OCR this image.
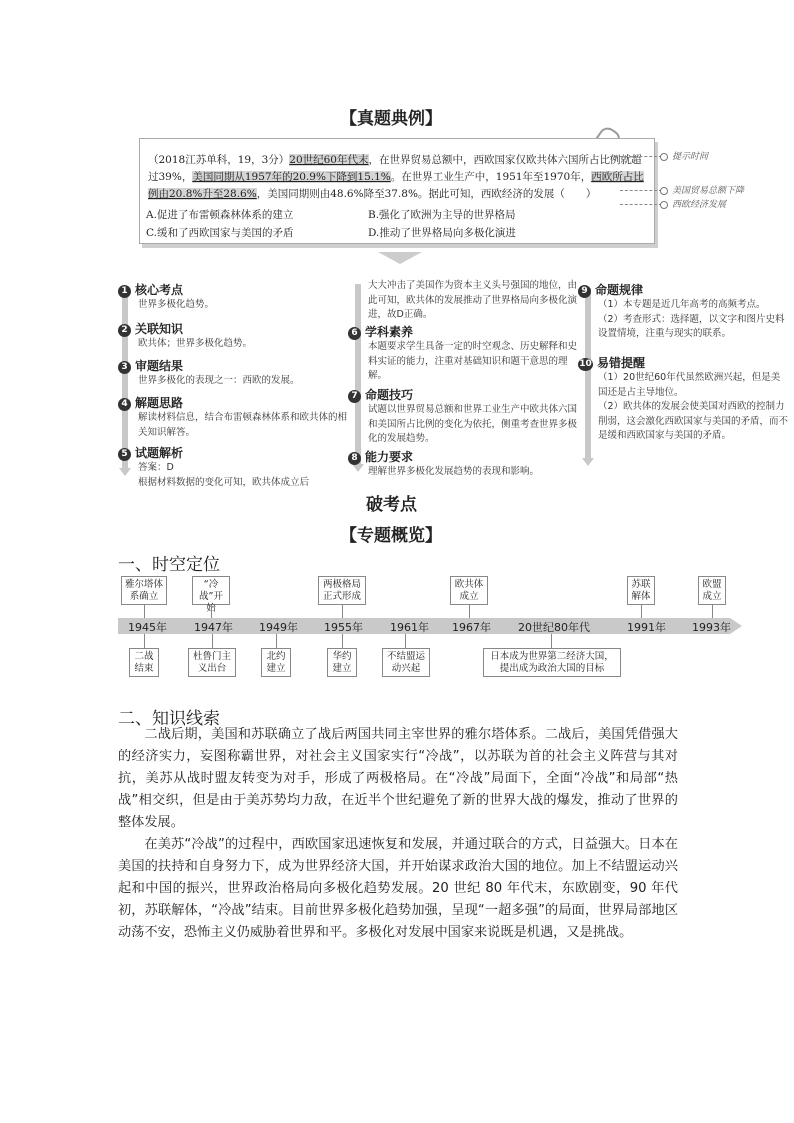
【真题典例】
（2018江苏单科，19，3分）20世纪60年代末，在世界贸易总额中，西欧国家仅欧共体六国所占比例就超过39%，美国同期从1957年的20.9%下降到15.1%。在世界工业生产中，1951年至1970年，西欧所占比例由20.8%升至28.6%，美国同期则由48.6%降至37.8%。据此可知，西欧经济的发展（　　）
A.促进了布雷顿森林体系的建立	B.强化了欧洲为主导的世界格局
C.缓和了西欧国家与美国的矛盾	D.推动了世界格局向多极化演进
提示时间
美国贸易总额下降
西欧经济发展
1 核心考点
世界多极化趋势。
2 关联知识
欧共体；世界多极化趋势。
3 审题结果
世界多极化的表现之一：西欧的发展。
4 解题思路
解读材料信息，结合布雷顿森林体系和欧共体的相关知识解答。
5 试题解析
答案：D
根据材料数据的变化可知，欧共体成立后
大大冲击了美国作为资本主义头号强国的地位，由此可知，欧共体的发展推动了世界格局向多极化演进，故D正确。
6 学科素养
本题要求学生具备一定的时空观念、历史解释和史料实证的能力，注重对基础知识和题干意思的理解。
7 命题技巧
试题以世界贸易总额和世界工业生产中欧共体六国和美国所占比例的变化为依托，侧重考查世界多极化的发展趋势。
8 能力要求
理解世界多极化发展趋势的表现和影响。
9 命题规律
（1）本专题是近几年高考的高频考点。
（2）考查形式：选择题，以文字和图片史料设置情境，注重与现实的联系。
10 易错提醒
（1）20世纪60年代虽然欧洲兴起，但是美国还是占主导地位。
（2）欧共体的发展会使美国对西欧的控制力削弱，这会激化西欧国家与美国的矛盾，而不是缓和西欧国家与美国的矛盾。
破考点
【专题概览】
一、时空定位
1945年 1947年 1949年 1955年 1961年 1967年 20世纪80年代	1991年 1993年
雅尔塔体系确立
“冷战”开始
两极格局正式形成
欧共体成立
苏联解体
欧盟成立
二战结束
杜鲁门主义出台
北约建立
华约建立
不结盟运动兴起
日本成为世界第二经济大国，提出成为政治大国的目标
二、知识线索
二战后期，美国和苏联确立了战后两国共同主宰世界的雅尔塔体系。二战后，美国凭借强大的经济实力，妄图称霸世界，对社会主义国家实行“冷战”，以苏联为首的社会主义阵营与其对抗，美苏从战时盟友转变为对手，形成了两极格局。在“冷战”局面下，全面“冷战”和局部“热战”相交织，但是由于美苏势均力敌，在近半个世纪避免了新的世界大战的爆发，推动了世界的整体发展。
在美苏“冷战”的过程中，西欧国家迅速恢复和发展，并通过联合的方式，日益强大。日本在美国的扶持和自身努力下，成为世界经济大国，并开始谋求政治大国的地位。加上不结盟运动兴起和中国的振兴，世界政治格局向多极化趋势发展。20 世纪 80 年代末，东欧剧变，90 年代初，苏联解体，“冷战”结束。目前世界多极化趋势加强，呈现“一超多强”的局面，世界局部地区动荡不安，恐怖主义仍威胁着世界和平。多极化对发展中国家来说既是机遇，又是挑战。
